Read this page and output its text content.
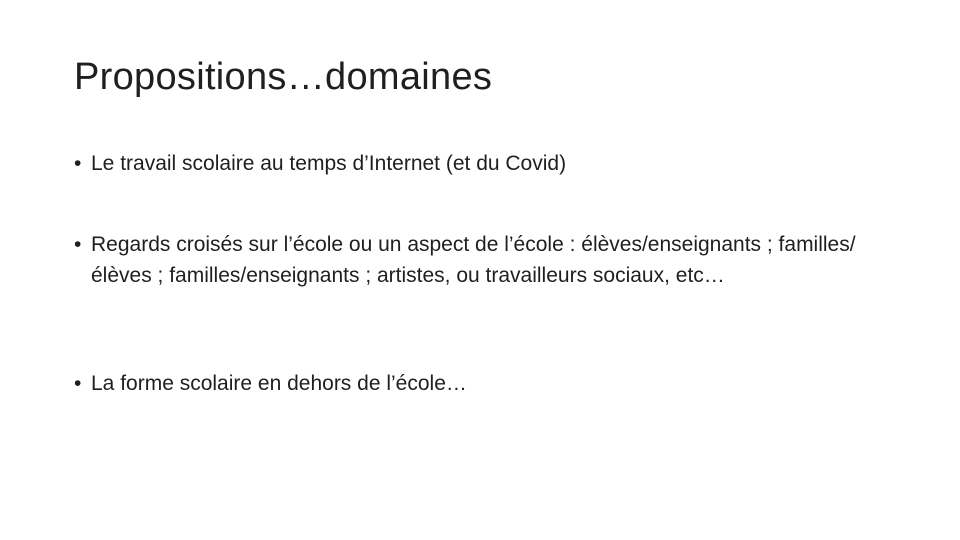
Propositions…domaines
• Le travail scolaire au temps d’Internet (et du Covid)
• Regards croisés sur l’école ou un aspect de l’école : élèves/enseignants ; familles/élèves ; familles/enseignants ; artistes, ou travailleurs sociaux, etc…
• La forme scolaire en dehors de l’école…
